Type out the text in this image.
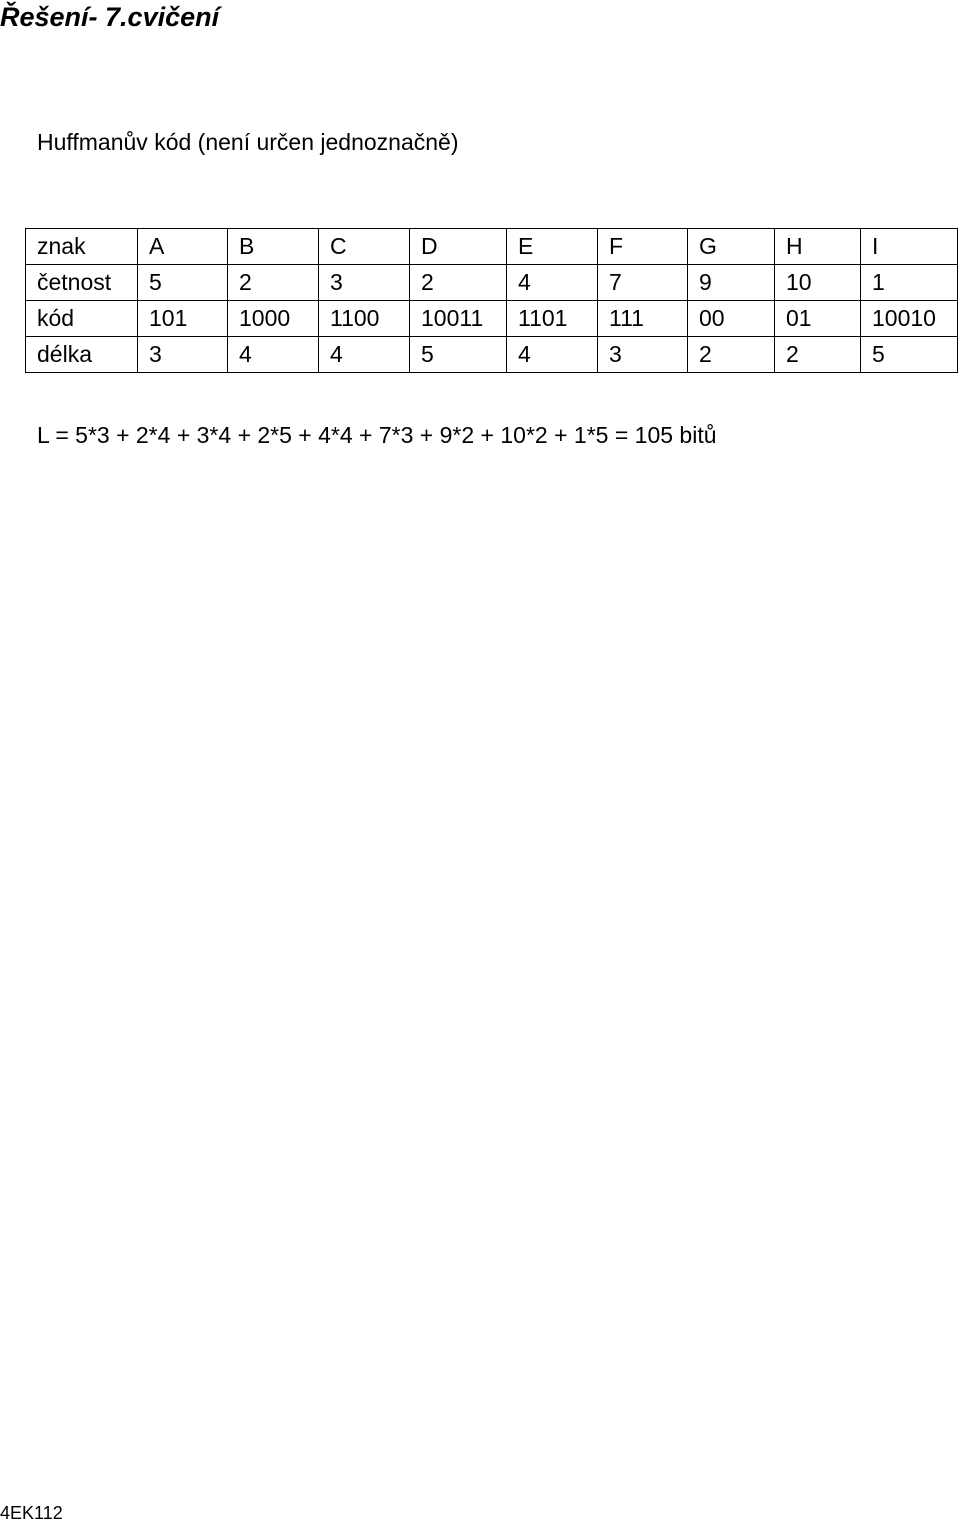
Řešení- 7.cvičení
Huffmanův kód (není určen jednoznačně)
znak	A	B	C	D	E	F	G	H	I
četnost	5	2	3	2	4	7	9	10	1
kód	101	1000	1100	10011	1101	111	00	01	10010
délka	3	4	4	5	4	3	2	2	5
L = 5*3 + 2*4 + 3*4 + 2*5 + 4*4 + 7*3 + 9*2 + 10*2 + 1*5 = 105 bitů
4EK112
